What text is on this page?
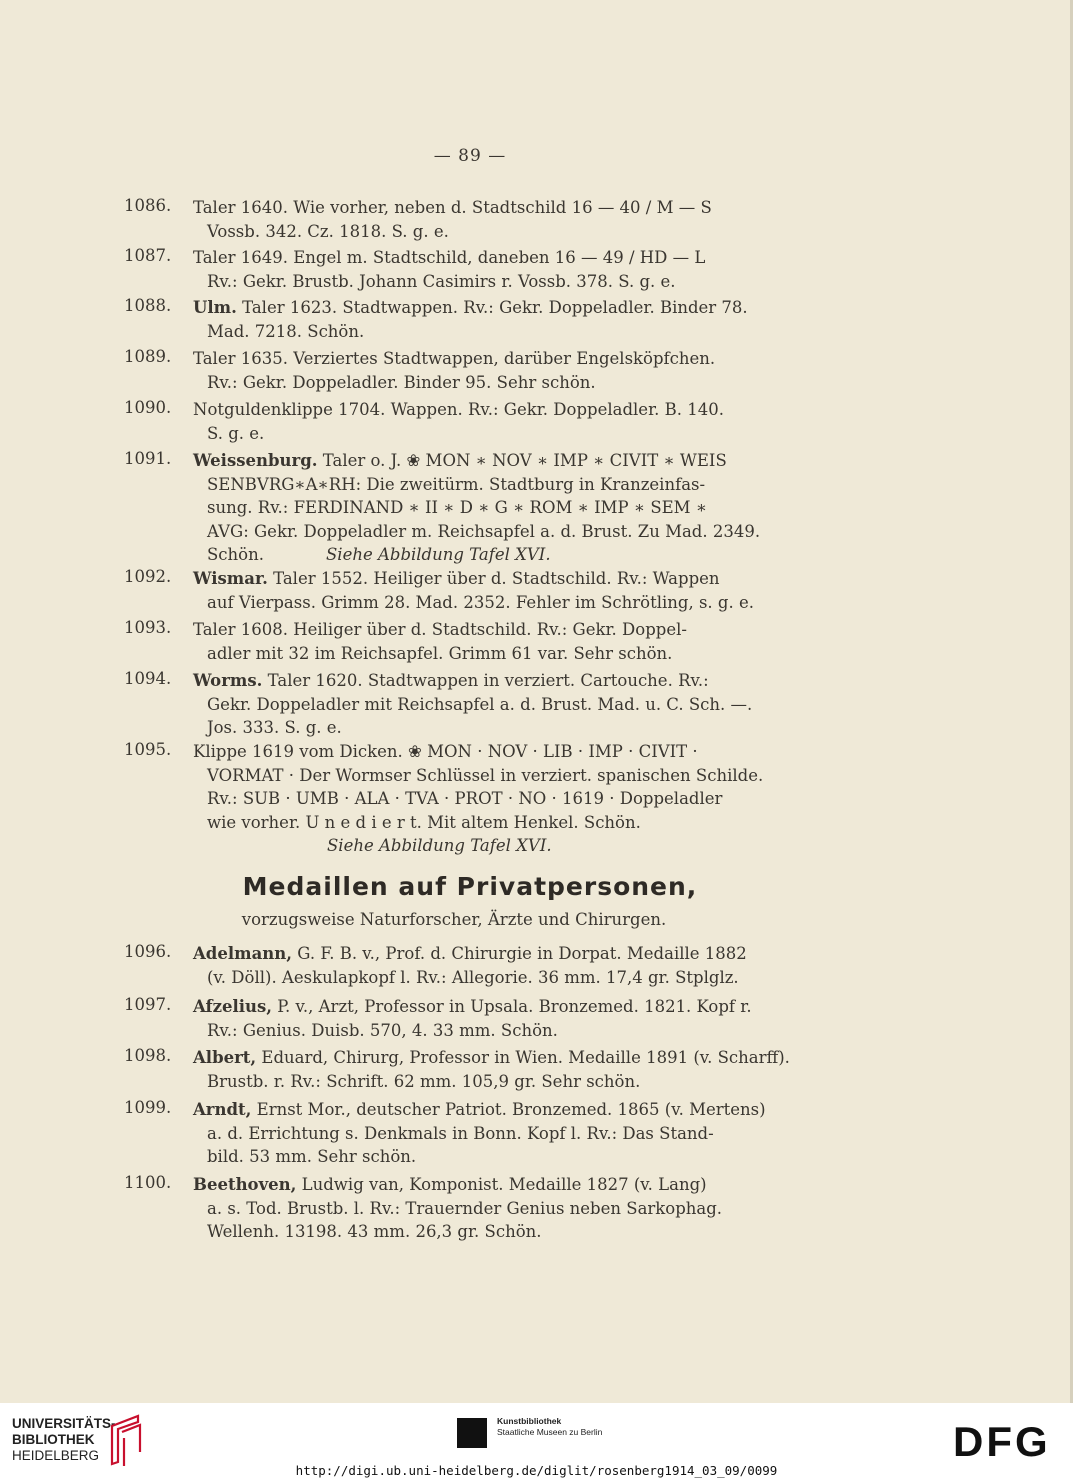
— 89 —
1086. Taler 1640. Wie vorher, neben d. Stadtschild 16 — 40 / M — S
Vossb. 342. Cz. 1818. S. g. e.
1087. Taler 1649. Engel m. Stadtschild, daneben 16 — 49 / HD — L
Rv.: Gekr. Brustb. Johann Casimirs r. Vossb. 378. S. g. e.
1088. Ulm. Taler 1623. Stadtwappen. Rv.: Gekr. Doppeladler. Binder 78.
Mad. 7218. Schön.
1089. Taler 1635. Verziertes Stadtwappen, darüber Engelsköpfchen.
Rv.: Gekr. Doppeladler. Binder 95. Sehr schön.
1090. Notguldenklippe 1704. Wappen. Rv.: Gekr. Doppeladler. B. 140.
S. g. e.
1091. Weissenburg. Taler o. J. ❀ MON ∗ NOV ∗ IMP ∗ CIVIT ∗ WEIS
SENBVRG∗A∗RH: Die zweitürm. Stadtburg in Kranzeinfas-
sung. Rv.: FERDINAND ∗ II ∗ D ∗ G ∗ ROM ∗ IMP ∗ SEM ∗
AVG: Gekr. Doppeladler m. Reichsapfel a. d. Brust. Zu Mad. 2349.
Schön.	Siehe Abbildung Tafel XVI.
1092. Wismar. Taler 1552. Heiliger über d. Stadtschild. Rv.: Wappen
auf Vierpass. Grimm 28. Mad. 2352. Fehler im Schrötling, s. g. e.
1093. Taler 1608. Heiliger über d. Stadtschild. Rv.: Gekr. Doppel-
adler mit 32 im Reichsapfel. Grimm 61 var. Sehr schön.
1094. Worms. Taler 1620. Stadtwappen in verziert. Cartouche. Rv.:
Gekr. Doppeladler mit Reichsapfel a. d. Brust. Mad. u. C. Sch. —.
Jos. 333. S. g. e.
1095. Klippe 1619 vom Dicken. ❀ MON · NOV · LIB · IMP · CIVIT ·
VORMAT · Der Wormser Schlüssel in verziert. spanischen Schilde.
Rv.: SUB · UMB · ALA · TVA · PROT · NO · 1619 · Doppeladler
wie vorher. U n e d i e r t. Mit altem Henkel. Schön.
Siehe Abbildung Tafel XVI.
1096. Adelmann, G. F. B. v., Prof. d. Chirurgie in Dorpat. Medaille 1882
(v. Döll). Aeskulapkopf l. Rv.: Allegorie. 36 mm. 17,4 gr. Stplglz.
1097. Afzelius, P. v., Arzt, Professor in Upsala. Bronzemed. 1821. Kopf r.
Rv.: Genius. Duisb. 570, 4. 33 mm. Schön.
1098. Albert, Eduard, Chirurg, Professor in Wien. Medaille 1891 (v. Scharff).
Brustb. r. Rv.: Schrift. 62 mm. 105,9 gr. Sehr schön.
1099. Arndt, Ernst Mor., deutscher Patriot. Bronzemed. 1865 (v. Mertens)
a. d. Errichtung s. Denkmals in Bonn. Kopf l. Rv.: Das Stand-
bild. 53 mm. Sehr schön.
1100. Beethoven, Ludwig van, Komponist. Medaille 1827 (v. Lang)
a. s. Tod. Brustb. l. Rv.: Trauernder Genius neben Sarkophag.
Wellenh. 13198. 43 mm. 26,3 gr. Schön.
Medaillen auf Privatpersonen,
vorzugsweise Naturforscher, Ärzte und Chirurgen.
UNIVERSITÄTS-
BIBLIOTHEK
HEIDELBERG
Kunstbibliothek
Staatliche Museen zu Berlin	DFG
http://digi.ub.uni-heidelberg.de/diglit/rosenberg1914_03_09/0099
